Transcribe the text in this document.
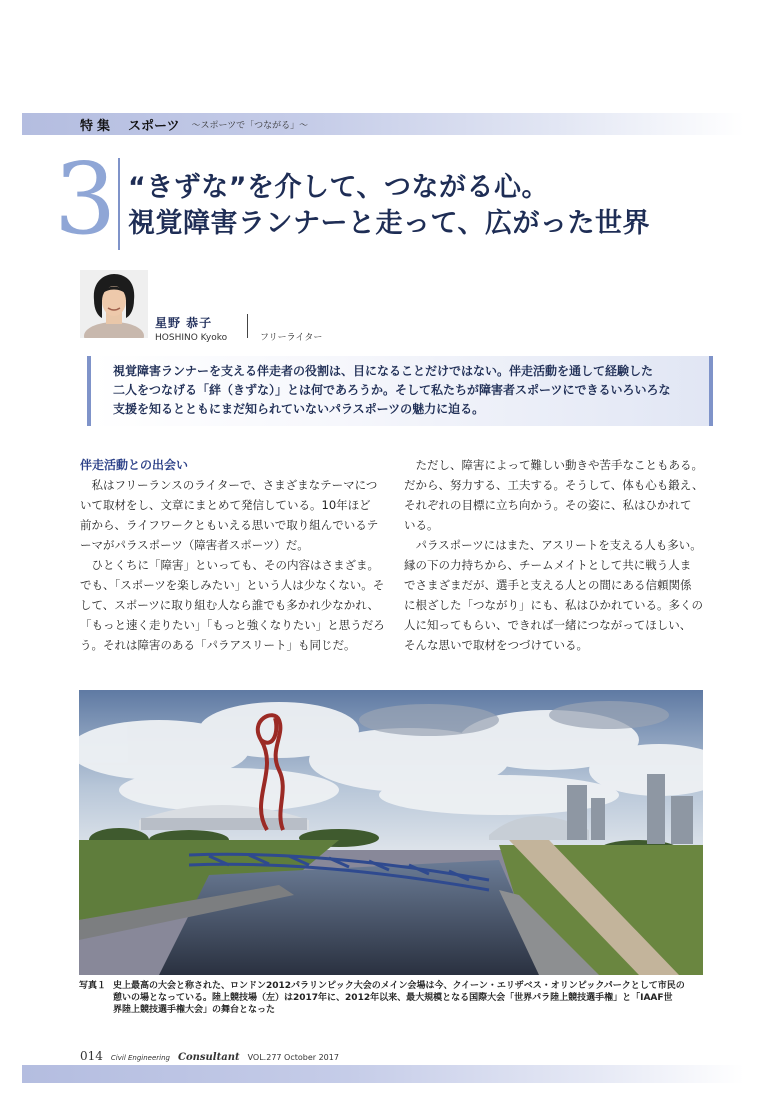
特集 スポーツ ～スポーツで「つながる」～
3 “きずな”を介して、つながる心。
視覚障害ランナーと走って、広がった世界
星野 恭子
HOSHINO Kyoko	フリーライター
視覚障害ランナーを支える伴走者の役割は、目になることだけではない。伴走活動を通して経験した
二人をつなげる「絆（きずな）」とは何であろうか。そして私たちが障害者スポーツにできるいろいろな
支援を知るとともにまだ知られていないパラスポーツの魅力に迫る。
伴走活動との出会い
　私はフリーランスのライターで、さまざまなテーマにつ
いて取材をし、文章にまとめて発信している。10年ほど
前から、ライフワークともいえる思いで取り組んでいるテ
ーマがパラスポーツ（障害者スポーツ）だ。
　ひとくちに「障害」といっても、その内容はさまざま。
でも、「スポーツを楽しみたい」という人は少なくない。そ
して、スポーツに取り組む人なら誰でも多かれ少なかれ、
「もっと速く走りたい」「もっと強くなりたい」と思うだろ
う。それは障害のある「パラアスリート」も同じだ。
　ただし、障害によって難しい動きや苦手なこともある。
だから、努力する、工夫する。そうして、体も心も鍛え、
それぞれの目標に立ち向かう。その姿に、私はひかれて
いる。
　パラスポーツにはまた、アスリートを支える人も多い。
縁の下の力持ちから、チームメイトとして共に戦う人ま
でさまざまだが、選手と支える人との間にある信頼関係
に根ざした「つながり」にも、私はひかれている。多くの
人に知ってもらい、できれば一緒につながってほしい、
そんな思いで取材をつづけている。
写真１ 史上最高の大会と称された、ロンドン2012パラリンピック大会のメイン会場は今、クイーン・エリザベス・オリンピックパークとして市民の
憩いの場となっている。陸上競技場（左）は2017年に、2012年以来、最大規模となる国際大会「世界パラ陸上競技選手権」と「IAAF世
界陸上競技選手権大会」の舞台となった
014 Civil Engineering Consultant VOL.277 October 2017
